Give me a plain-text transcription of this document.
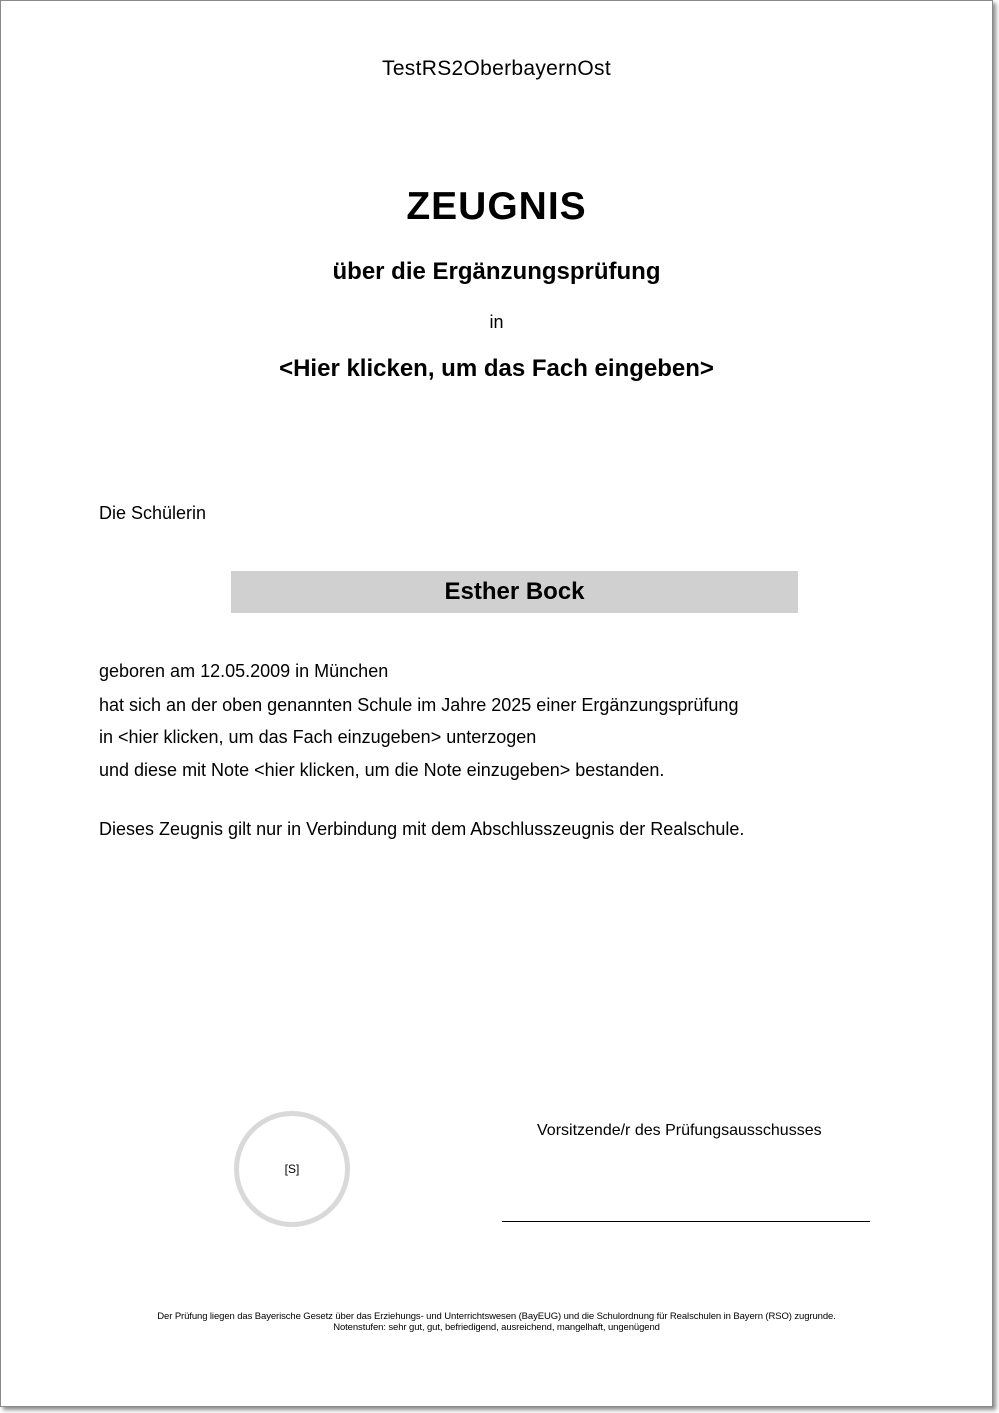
TestRS2OberbayernOst
ZEUGNIS
über die Ergänzungsprüfung
in
<Hier klicken, um das Fach eingeben>
Die Schülerin
Esther Bock
geboren am 12.05.2009 in München
hat sich an der oben genannten Schule im Jahre 2025 einer Ergänzungsprüfung
in <hier klicken, um das Fach einzugeben> unterzogen
und diese mit Note <hier klicken, um die Note einzugeben> bestanden.
Dieses Zeugnis gilt nur in Verbindung mit dem Abschlusszeugnis der Realschule.
[S]
Vorsitzende/r des Prüfungsausschusses
Der Prüfung liegen das Bayerische Gesetz über das Erziehungs- und Unterrichtswesen (BayEUG) und die Schulordnung für Realschulen in Bayern (RSO) zugrunde.
Notenstufen: sehr gut, gut, befriedigend, ausreichend, mangelhaft, ungenügend
